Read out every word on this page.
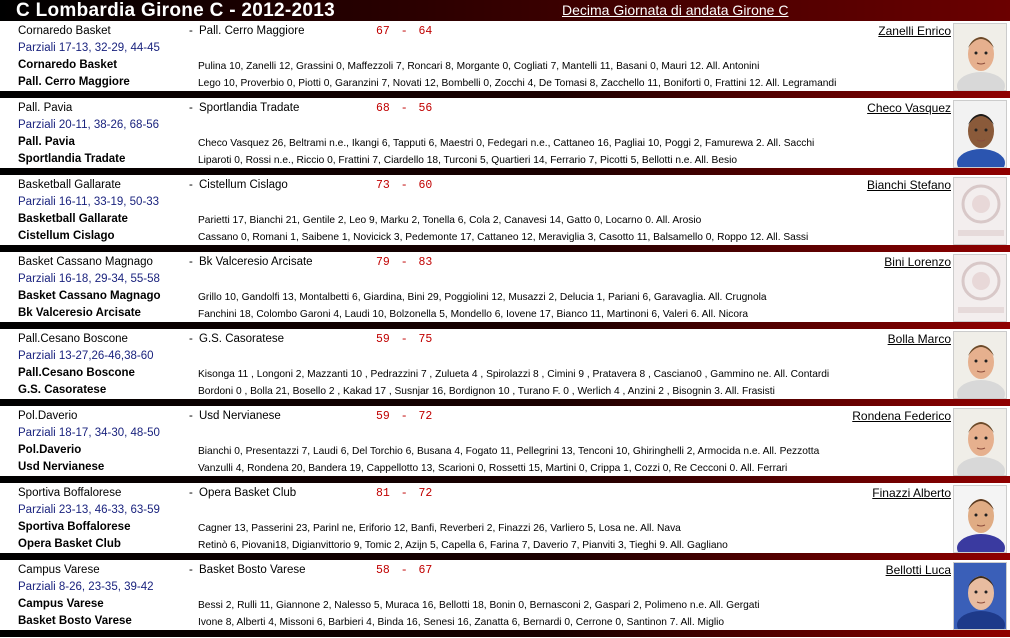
C Lombardia Girone C - 2012-2013	Decima Giornata di andata Girone C
Cornaredo Basket	- Pall. Cerro Maggiore	67 - 64	Zanelli Enrico
Parziali 17-13, 32-29, 44-45
Cornaredo Basket	Pulina 10, Zanelli 12, Grassini 0, Maffezzoli 7, Roncari 8, Morgante 0, Cogliati 7, Mantelli 11, Basani 0, Mauri 12. All. Antonini
Pall. Cerro Maggiore	Lego 10, Proverbio 0, Piotti 0, Garanzini 7, Novati 12, Bombelli 0, Zocchi 4, De Tomasi 8, Zacchello 11, Boniforti 0, Frattini 12. All. Legramandi
Pall. Pavia	- Sportlandia Tradate	68 - 56	Checo Vasquez
Parziali 20-11, 38-26, 68-56
Pall. Pavia	Checo Vasquez 26, Beltrami n.e., Ikangi 6, Tapputi 6, Maestri 0, Fedegari n.e., Cattaneo 16, Pagliai 10, Poggi 2, Famurewa 2. All. Sacchi
Sportlandia Tradate	Liparoti 0, Rossi n.e., Riccio 0, Frattini 7, Ciardello 18, Turconi 5, Quartieri 14, Ferrario 7, Picotti 5, Bellotti n.e. All. Besio
Basketball Gallarate	- Cistellum Cislago	73 - 60	Bianchi Stefano
Parziali 16-11, 33-19, 50-33
Basketball Gallarate	Parietti 17, Bianchi 21, Gentile 2, Leo 9, Marku 2, Tonella 6, Cola 2, Canavesi 14, Gatto 0, Locarno 0. All. Arosio
Cistellum Cislago	Cassano 0, Romani 1, Saibene 1, Novicick 3, Pedemonte 17, Cattaneo 12, Meraviglia 3, Casotto 11, Balsamello 0, Roppo 12. All. Sassi
Basket Cassano Magnago	- Bk Valceresio Arcisate	79 - 83	Bini Lorenzo
Parziali 16-18, 29-34, 55-58
Basket Cassano Magnago	Grillo 10, Gandolfi 13, Montalbetti 6, Giardina, Bini 29, Poggiolini 12, Musazzi 2, Delucia 1, Pariani 6, Garavaglia. All. Crugnola
Bk Valceresio Arcisate	Fanchini 18, Colombo Garoni 4, Laudi 10, Bolzonella 5, Mondello 6, Iovene 17, Bianco 11, Martinoni 6, Valeri 6. All. Nicora
Pall.Cesano Boscone	- G.S. Casoratese	59 - 75	Bolla Marco
Parziali 13-27,26-46,38-60
Pall.Cesano Boscone	Kisonga 11 , Longoni 2, Mazzanti 10 , Pedrazzini 7 , Zulueta 4 , Spirolazzi 8 , Cimini 9 , Pratavera 8 , Casciano0 , Gammino ne. All. Contardi
G.S. Casoratese	Bordoni 0 , Bolla 21, Bosello 2 , Kakad 17 , Susnjar 16, Bordignon 10 , Turano F. 0 , Werlich 4 , Anzini 2 , Bisognin 3. All. Frasisti
Pol.Daverio	- Usd Nervianese	59 - 72	Rondena Federico
Parziali 18-17, 34-30, 48-50
Pol.Daverio	Bianchi 0, Presentazzi 7, Laudi 6, Del Torchio 6, Busana 4, Fogato 11, Pellegrini 13, Tenconi 10, Ghiringhelli 2, Armocida n.e. All. Pezzotta
Usd Nervianese	Vanzulli 4, Rondena 20, Bandera 19, Cappellotto 13, Scarioni 0, Rossetti 15, Martini 0, Crippa 1, Cozzi 0, Re Cecconi 0. All. Ferrari
Sportiva Boffalorese	- Opera Basket Club	81 - 72	Finazzi Alberto
Parziali 23-13, 46-33, 63-59
Sportiva Boffalorese	Cagner 13, Passerini 23, Parinl ne, Eriforio 12, Banfi, Reverberi 2, Finazzi 26, Varliero 5, Losa ne. All. Nava
Opera Basket Club	Retinò 6, Piovani18, Digianvittorio 9, Tomic 2, Azijn 5, Capella 6, Farina 7, Daverio 7, Pianviti 3, Tieghi 9. All. Gagliano
Campus Varese	- Basket Bosto Varese	58 - 67	Bellotti Luca
Parziali 8-26, 23-35, 39-42
Campus Varese	Bessi 2, Rulli 11, Giannone 2, Nalesso 5, Muraca 16, Bellotti 18, Bonin 0, Bernasconi 2, Gaspari 2, Polimeno n.e. All. Gergati
Basket Bosto Varese	Ivone 8, Alberti 4, Missoni 6, Barbieri 4, Binda 16, Senesi 16, Zanatta 6, Bernardi 0, Cerrone 0, Santinon 7. All. Miglio
